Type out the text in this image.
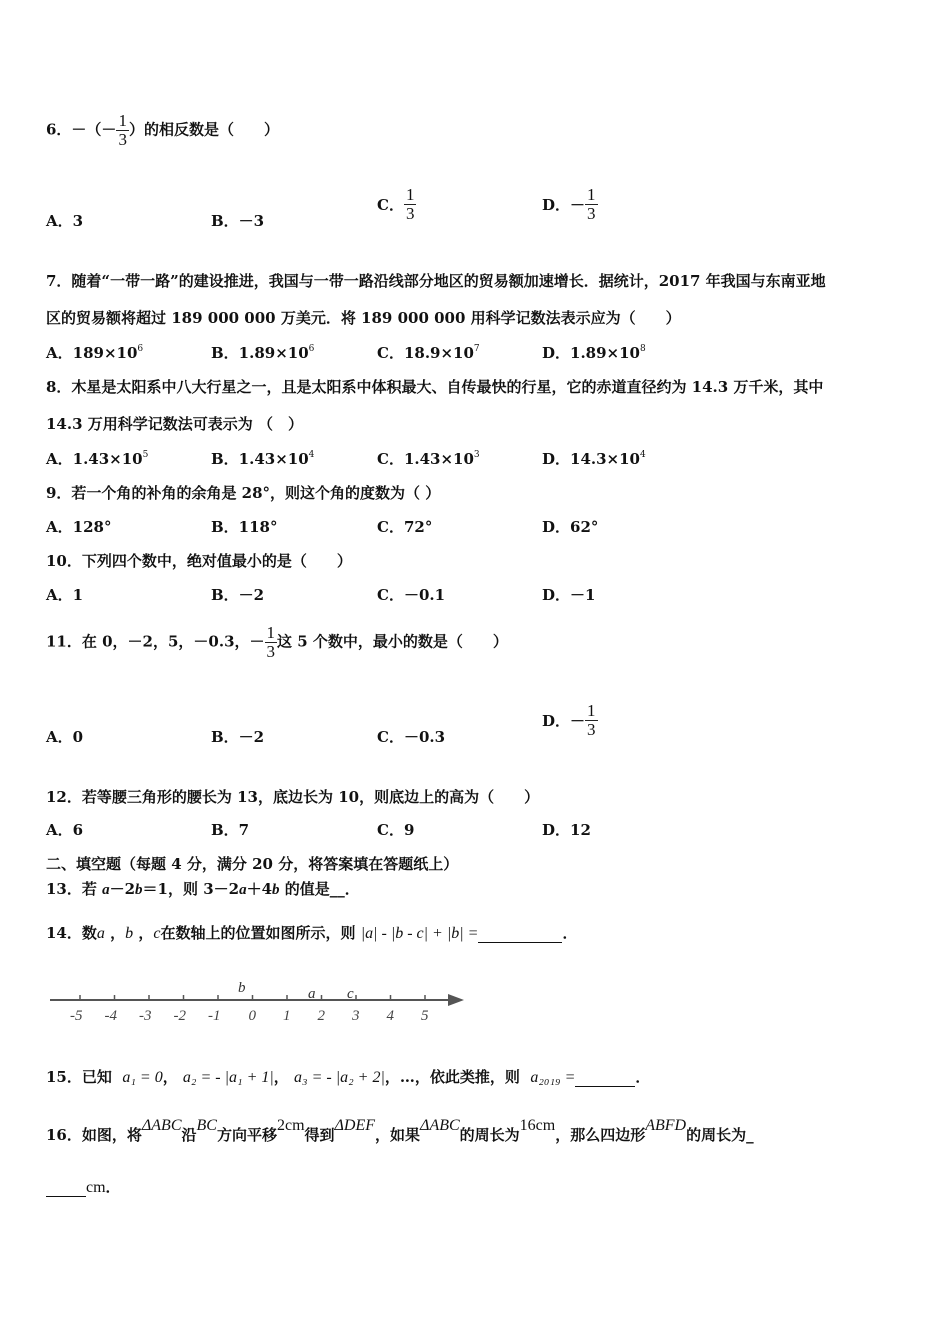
6．－（－ $\frac{1}{3}$ ）的相反数是（　　）
A．3	B．－3
C． $\frac{1}{3}$	D．－ $\frac{1}{3}$
7．随着“一带一路”的建设推进，我国与一带一路沿线部分地区的贸易额加速增长．据统计，2017 年我国与东南亚地
区的贸易额将超过 189 000 000 万美元．将 189 000 000 用科学记数法表示应为（　　）
A．$189\times 10^6$	B．$1.89\times 10^6$	C．$18.9\times 10^7$	D．$1.89\times 10^8$
8．木星是太阳系中八大行星之一，且是太阳系中体积最大、自传最快的行星，它的赤道直径约为 14.3 万千米，其中
14.3 万用科学记数法可表示为 （　）
A．$1.43\times 10^5$	B．$1.43\times 10^4$	C．$1.43\times 10^3$	D．$14.3\times 10^4$
9．若一个角的补角的余角是 28°，则这个角的度数为（ ）
A．128°	B．118°	C．72°	D．62°
10．下列四个数中，绝对值最小的是（　　）
A．1	B．－2	C．－0.1	D．－1
11．在 0，－2，5，－0.3，－ $\frac{1}{3}$ 这 5 个数中，最小的数是（　　）
A．0	B．－2	C．－0.3
D．－ $\frac{1}{3}$
12．若等腰三角形的腰长为 13，底边长为 10，则底边上的高为（　　）
A．6	B．7	C．9	D．12
二、填空题（每题 4 分，满分 20 分，将答案填在答题纸上）
13．若 a－2b＝1，则 3－2a＋4b 的值是__．
14．数a ，b ，c在数轴上的位置如图所示，则 |a| - |b - c| + |b| =	．
-5 -4 -3 -2 -1 0 1 2 3 4 5
b	a c
15．已知 a₁ = 0， a₂ = - |a₁ + 1|， a₃ = - |a₂ + 2|，…，依此类推，则 a₂₀₁₉ =	．
16．如图，将ΔABC沿BC方向平移2cm得到ΔDEF，如果ΔABC的周长为16cm，那么四边形ABFD的周长为_
cm．
